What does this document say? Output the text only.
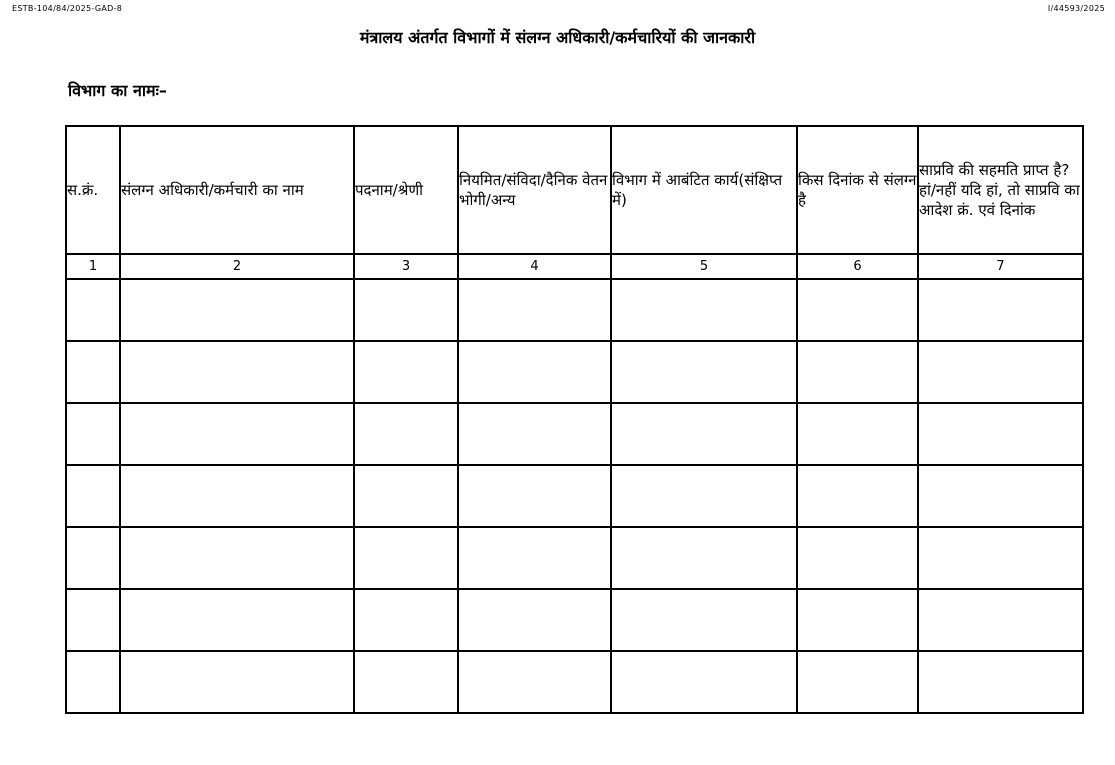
ESTB-104/84/2025-GAD-8	I/44593/2025
मंत्रालय अंतर्गत विभागों में संलग्न अधिकारी/कर्मचारियों की जानकारी
विभाग का नामः–
स.क्रं.	संलग्न अधिकारी/कर्मचारी का नाम	पदनाम/श्रेणी	नियमित/संविदा/दैनिक वेतन भोगी/अन्य	विभाग में आबंटित कार्य(संक्षिप्त में)	किस दिनांक से संलग्न है	साप्रवि की सहमति प्राप्त है? हां/नहीं यदि हां, तो साप्रवि का आदेश क्रं. एवं दिनांक
1	2	3	4	5	6	7
